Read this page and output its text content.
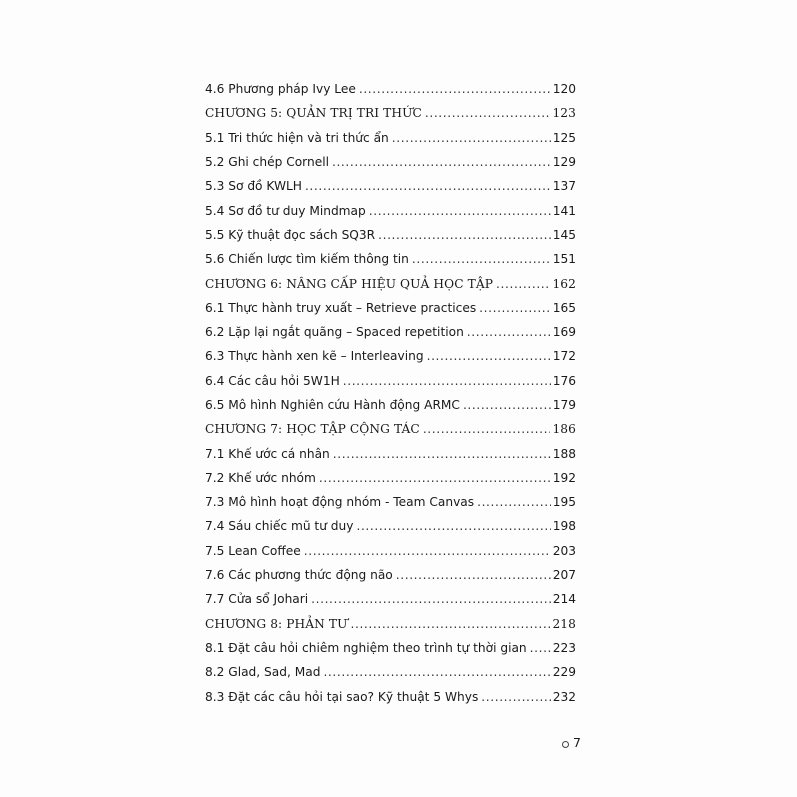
4.6 Phương pháp Ivy Lee .....	120
CHƯƠNG 5: QUẢN TRỊ TRI THỨC .....	123
5.1 Tri thức hiện và tri thức ẩn .....	125
5.2 Ghi chép Cornell .....	129
5.3 Sơ đồ KWLH .....	137
5.4 Sơ đồ tư duy Mindmap .....	141
5.5 Kỹ thuật đọc sách SQ3R .....	145
5.6 Chiến lược tìm kiếm thông tin .....	151
CHƯƠNG 6: NÂNG CẤP HIỆU QUẢ HỌC TẬP .....	162
6.1 Thực hành truy xuất – Retrieve practices .....	165
6.2 Lặp lại ngắt quãng – Spaced repetition .....	169
6.3 Thực hành xen kẽ – Interleaving .....	172
6.4 Các câu hỏi 5W1H .....	176
6.5 Mô hình Nghiên cứu Hành động ARMC .....	179
CHƯƠNG 7: HỌC TẬP CỘNG TÁC .....	186
7.1 Khế ước cá nhân .....	188
7.2 Khế ước nhóm .....	192
7.3 Mô hình hoạt động nhóm - Team Canvas .....	195
7.4 Sáu chiếc mũ tư duy .....	198
7.5 Lean Coffee .....	203
7.6 Các phương thức động não .....	207
7.7 Cửa sổ Johari .....	214
CHƯƠNG 8: PHẢN TƯ .....	218
8.1 Đặt câu hỏi chiêm nghiệm theo trình tự thời gian ..... 223
8.2 Glad, Sad, Mad .....	229
8.3 Đặt các câu hỏi tại sao? Kỹ thuật 5 Whys .....	232
7
